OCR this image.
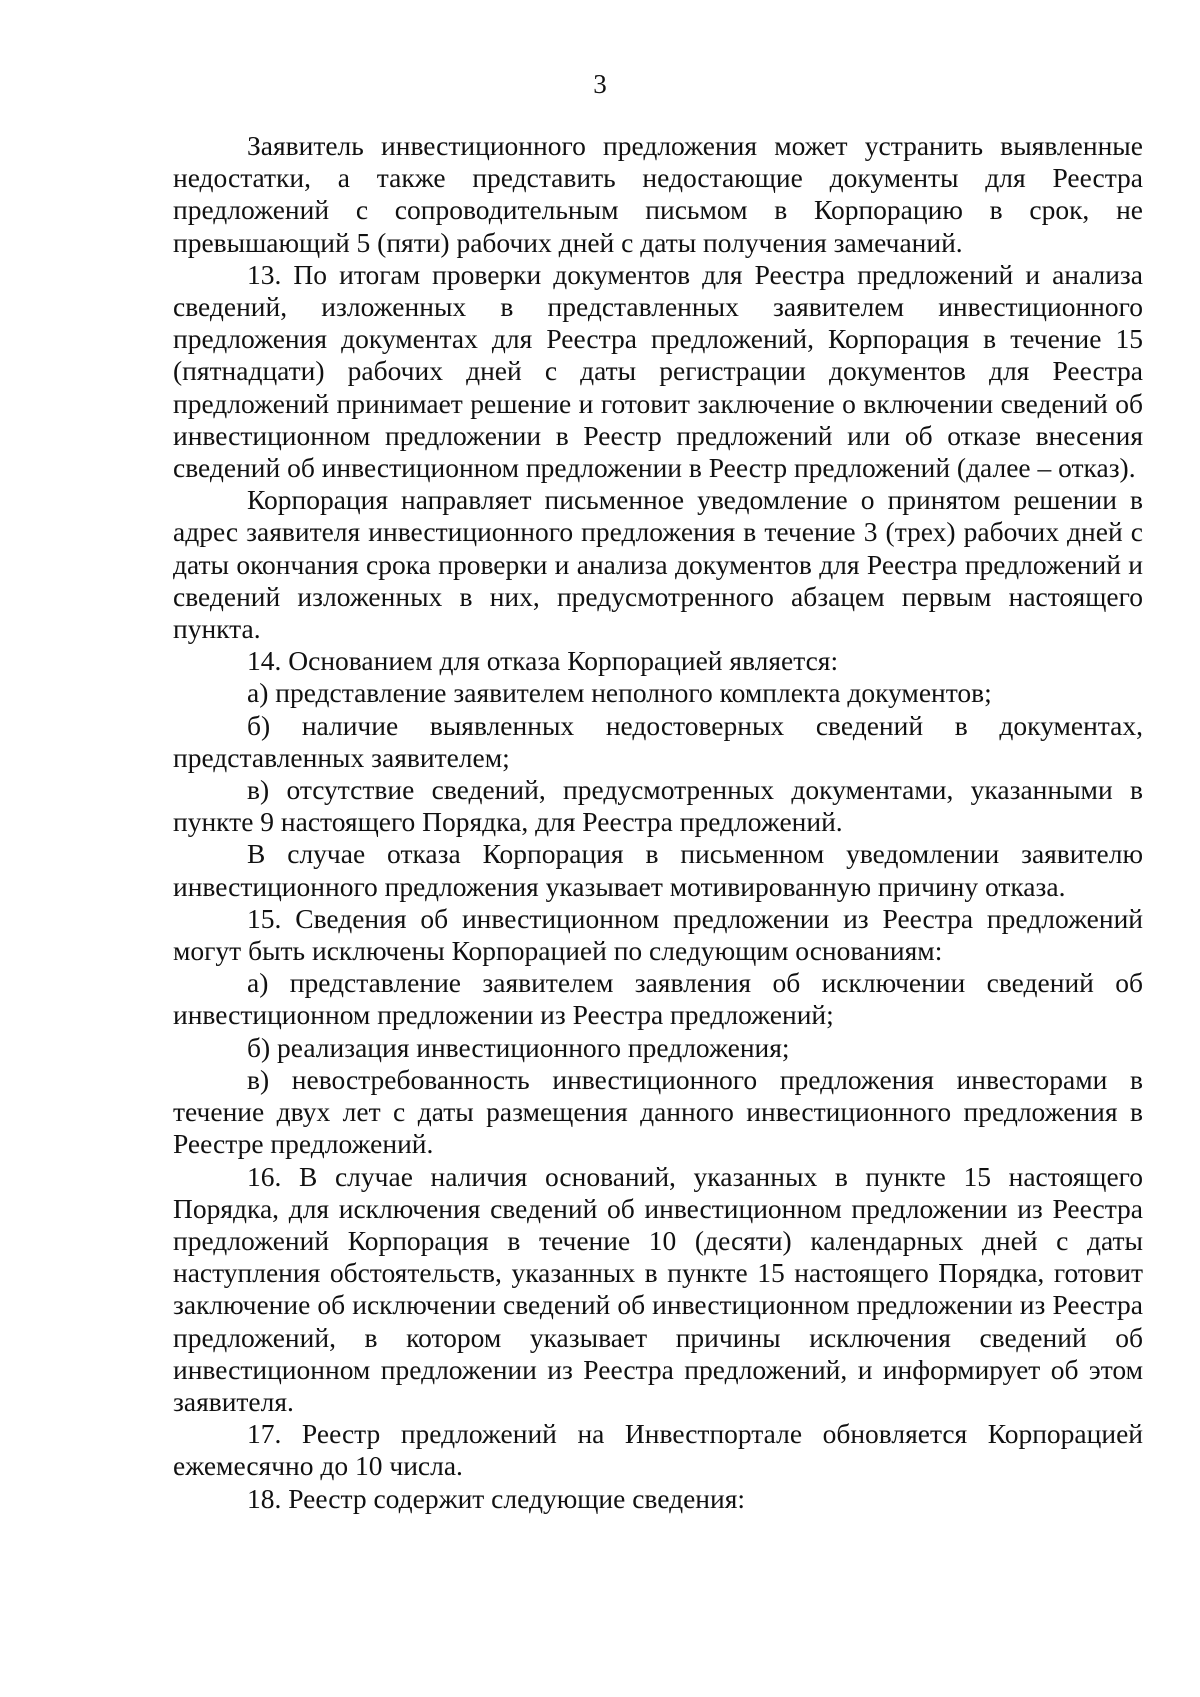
3

Заявитель инвестиционного предложения может устранить выявленные недостатки, а также представить недостающие документы для Реестра предложений с сопроводительным письмом в Корпорацию в срок, не превышающий 5 (пяти) рабочих дней с даты получения замечаний.

13. По итогам проверки документов для Реестра предложений и анализа сведений, изложенных в представленных заявителем инвестиционного предложения документах для Реестра предложений, Корпорация в течение 15 (пятнадцати) рабочих дней с даты регистрации документов для Реестра предложений принимает решение и готовит заключение о включении сведений об инвестиционном предложении в Реестр предложений или об отказе внесения сведений об инвестиционном предложении в Реестр предложений (далее – отказ).

Корпорация направляет письменное уведомление о принятом решении в адрес заявителя инвестиционного предложения в течение 3 (трех) рабочих дней с даты окончания срока проверки и анализа документов для Реестра предложений и сведений изложенных в них, предусмотренного абзацем первым настоящего пункта.

14. Основанием для отказа Корпорацией является:

а) представление заявителем неполного комплекта документов;

б) наличие выявленных недостоверных сведений в документах, представленных заявителем;

в) отсутствие сведений, предусмотренных документами, указанными в пункте 9 настоящего Порядка, для Реестра предложений.

В случае отказа Корпорация в письменном уведомлении заявителю инвестиционного предложения указывает мотивированную причину отказа.

15. Сведения об инвестиционном предложении из Реестра предложений могут быть исключены Корпорацией по следующим основаниям:

а) представление заявителем заявления об исключении сведений об инвестиционном предложении из Реестра предложений;

б) реализация инвестиционного предложения;

в) невостребованность инвестиционного предложения инвесторами в течение двух лет с даты размещения данного инвестиционного предложения в Реестре предложений.

16. В случае наличия оснований, указанных в пункте 15 настоящего Порядка, для исключения сведений об инвестиционном предложении из Реестра предложений Корпорация в течение 10 (десяти) календарных дней с даты наступления обстоятельств, указанных в пункте 15 настоящего Порядка, готовит заключение об исключении сведений об инвестиционном предложении из Реестра предложений, в котором указывает причины исключения сведений об инвестиционном предложении из Реестра предложений, и информирует об этом заявителя.

17. Реестр предложений на Инвестпортале обновляется Корпорацией ежемесячно до 10 числа.

18. Реестр содержит следующие сведения:
